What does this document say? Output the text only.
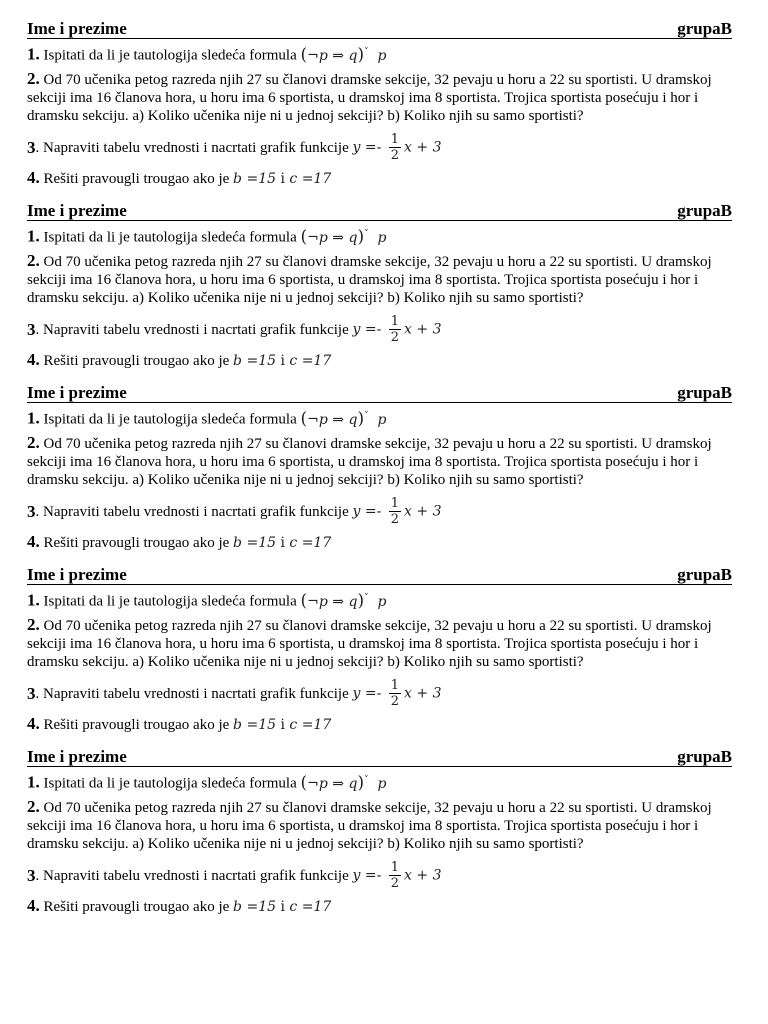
Ime i prezime	grupaB

1. Ispitati da li je tautologija sledeća formula (¬p ⇒ q)˅ p

2. Od 70 učenika petog razreda njih 27 su članovi dramske sekcije, 32 pevaju u horu a 22 su sportisti. U dramskoj sekciji ima 16 članova hora, u horu ima 6 sportista, u dramskoj ima 8 sportista. Trojica sportista posećuju i hor i dramsku sekciju. a) Koliko učenika nije ni u jednoj sekciji? b) Koliko njih su samo sportisti?

3 . Napraviti tabelu vrednosti i nacrtati grafik funkcije
$y =- \frac{1}{2}$ x + 3

4. Rešiti pravougli trougao ako je b =15 i c =17

Ime i prezime	grupaB

1. Ispitati da li je tautologija sledeća formula (¬p ⇒ q)˅ p

2. Od 70 učenika petog razreda njih 27 su članovi dramske sekcije, 32 pevaju u horu a 22 su sportisti. U dramskoj sekciji ima 16 članova hora, u horu ima 6 sportista, u dramskoj ima 8 sportista. Trojica sportista posećuju i hor i dramsku sekciju. a) Koliko učenika nije ni u jednoj sekciji? b) Koliko njih su samo sportisti?

3 . Napraviti tabelu vrednosti i nacrtati grafik funkcije
$y =- \frac{1}{2}$ x + 3

4. Rešiti pravougli trougao ako je b =15 i c =17

Ime i prezime	grupaB

1. Ispitati da li je tautologija sledeća formula (¬p ⇒ q)˅ p

2. Od 70 učenika petog razreda njih 27 su članovi dramske sekcije, 32 pevaju u horu a 22 su sportisti. U dramskoj sekciji ima 16 članova hora, u horu ima 6 sportista, u dramskoj ima 8 sportista. Trojica sportista posećuju i hor i dramsku sekciju. a) Koliko učenika nije ni u jednoj sekciji? b) Koliko njih su samo sportisti?

3 . Napraviti tabelu vrednosti i nacrtati grafik funkcije
$y =- \frac{1}{2}$ x + 3

4. Rešiti pravougli trougao ako je b =15 i c =17

Ime i prezime	grupaB

1. Ispitati da li je tautologija sledeća formula (¬p ⇒ q)˅ p

2. Od 70 učenika petog razreda njih 27 su članovi dramske sekcije, 32 pevaju u horu a 22 su sportisti. U dramskoj sekciji ima 16 članova hora, u horu ima 6 sportista, u dramskoj ima 8 sportista. Trojica sportista posećuju i hor i dramsku sekciju. a) Koliko učenika nije ni u jednoj sekciji? b) Koliko njih su samo sportisti?

3 . Napraviti tabelu vrednosti i nacrtati grafik funkcije
$y =- \frac{1}{2}$ x + 3

4. Rešiti pravougli trougao ako je b =15 i c =17

Ime i prezime	grupaB

1. Ispitati da li je tautologija sledeća formula (¬p ⇒ q)˅ p

2. Od 70 učenika petog razreda njih 27 su članovi dramske sekcije, 32 pevaju u horu a 22 su sportisti. U dramskoj sekciji ima 16 članova hora, u horu ima 6 sportista, u dramskoj ima 8 sportista. Trojica sportista posećuju i hor i dramsku sekciju. a) Koliko učenika nije ni u jednoj sekciji? b) Koliko njih su samo sportisti?

3 . Napraviti tabelu vrednosti i nacrtati grafik funkcije
$y =- \frac{1}{2}$ x + 3

4. Rešiti pravougli trougao ako je b =15 i c =17
